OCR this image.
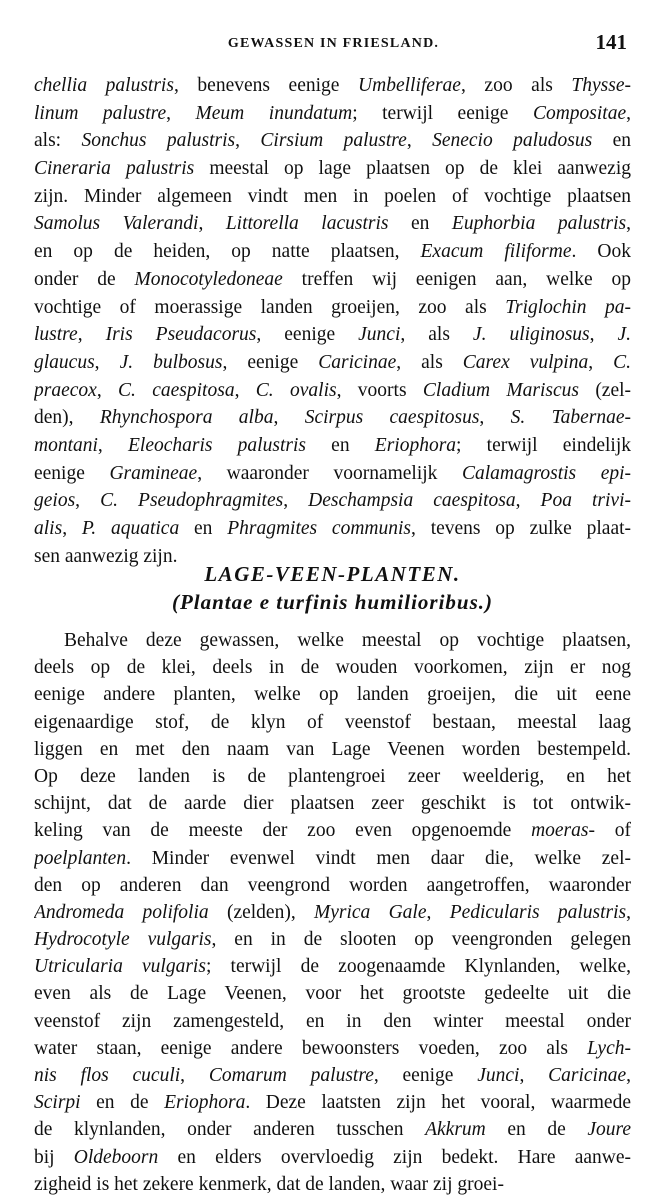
GEWASSEN IN FRIESLAND.	141
chellia palustris, benevens eenige Umbelliferae, zoo als Thysse-
linum palustre, Meum inundatum; terwijl eenige Compositae,
als: Sonchus palustris, Cirsium palustre, Senecio paludosus en
Cineraria palustris meestal op lage plaatsen op de klei aanwezig
zijn. Minder algemeen vindt men in poelen of vochtige plaatsen
Samolus Valerandi, Littorella lacustris en Euphorbia palustris,
en op de heiden, op natte plaatsen, Exacum filiforme. Ook
onder de Monocotyledoneae treffen wij eenigen aan, welke op
vochtige of moerassige landen groeijen, zoo als Triglochin pa-
lustre, Iris Pseudacorus, eenige Junci, als J. uliginosus, J.
glaucus, J. bulbosus, eenige Caricinae, als Carex vulpina, C.
praecox, C. caespitosa, C. ovalis, voorts Cladium Mariscus (zel-
den), Rhynchospora alba, Scirpus caespitosus, S. Tabernae-
montani, Eleocharis palustris en Eriophora; terwijl eindelijk
eenige Gramineae, waaronder voornamelijk Calamagrostis epi-
geios, C. Pseudophragmites, Deschampsia caespitosa, Poa trivi-
alis, P. aquatica en Phragmites communis, tevens op zulke plaat-
sen aanwezig zijn.
LAGE-VEEN-PLANTEN.
(Plantae e turfinis humilioribus.)
Behalve deze gewassen, welke meestal op vochtige plaatsen,
deels op de klei, deels in de wouden voorkomen, zijn er nog
eenige andere planten, welke op landen groeijen, die uit eene
eigenaardige stof, de klyn of veenstof bestaan, meestal laag
liggen en met den naam van Lage Veenen worden bestempeld.
Op deze landen is de plantengroei zeer weelderig, en het
schijnt, dat de aarde dier plaatsen zeer geschikt is tot ontwik-
keling van de meeste der zoo even opgenoemde moeras- of
poelplanten. Minder evenwel vindt men daar die, welke zel-
den op anderen dan veengrond worden aangetroffen, waaronder
Andromeda polifolia (zelden), Myrica Gale, Pedicularis palustris,
Hydrocotyle vulgaris, en in de slooten op veengronden gelegen
Utricularia vulgaris; terwijl de zoogenaamde Klynlanden, welke,
even als de Lage Veenen, voor het grootste gedeelte uit die
veenstof zijn zamengesteld, en in den winter meestal onder
water staan, eenige andere bewoonsters voeden, zoo als Lych-
nis flos cuculi, Comarum palustre, eenige Junci, Caricinae,
Scirpi en de Eriophora. Deze laatsten zijn het vooral, waarmede
de klynlanden, onder anderen tusschen Akkrum en de Joure
bij Oldeboorn en elders overvloedig zijn bedekt. Hare aanwe-
zigheid is het zekere kenmerk, dat de landen, waar zij groei-
